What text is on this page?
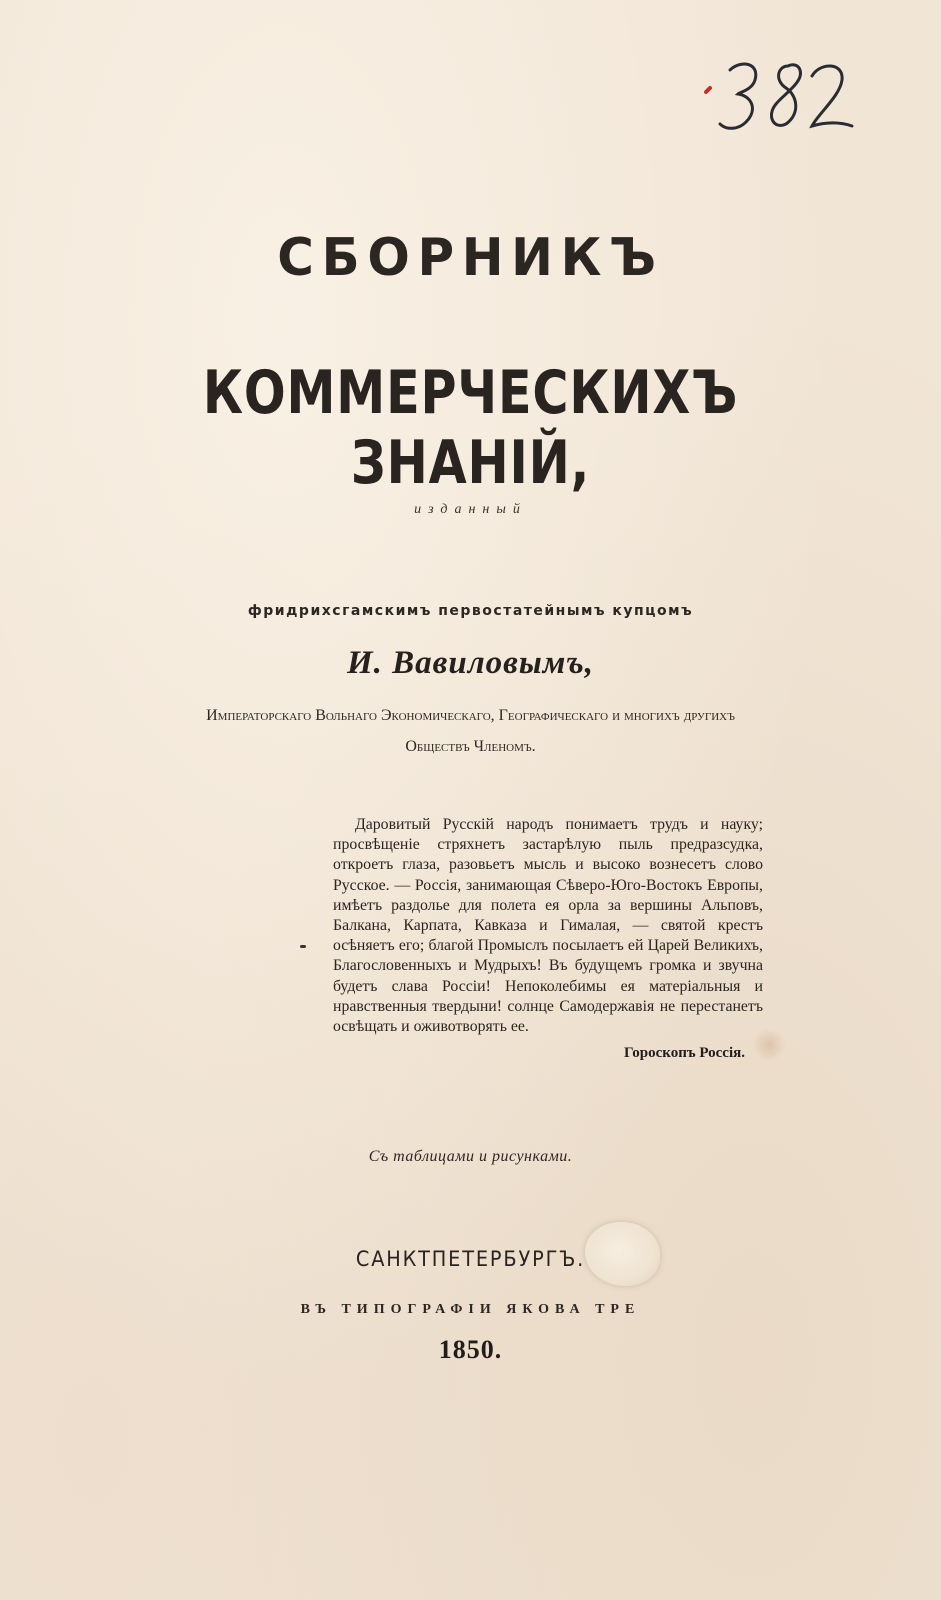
СБОРНИКЪ
КОММЕРЧЕСКИХЪ ЗНАНІЙ,
изданный
фридрихсгамскимъ первостатейнымъ купцомъ
И. Вавиловымъ,
Императорскаго Вольнаго Экономическаго, Географическаго и многихъ другихъ
Обществъ Членомъ.

Даровитый Русскій народъ понимаетъ трудъ и науку; просвѣщеніе стряхнетъ застарѣлую пыль предразсудка, откроетъ глаза, разовьетъ мысль и высоко вознесетъ слово Русское. — Россія, занимающая Сѣверо-Юго-Востокъ Европы, имѣетъ раздолье для полета ея орла за вершины Альповъ, Балкана, Карпата, Кавказа и Гималая, — святой крестъ осѣняетъ его; благой Промыслъ посылаетъ ей Царей Великихъ, Благословенныхъ и Мудрыхъ! Въ будущемъ громка и звучна будетъ слава Россіи! Непоколебимы ея матеріальныя и нравственныя твердыни! солнце Самодержавія не перестанетъ освѣщать и оживотворять ее.

Гороскопъ Россія.
Съ таблицами и рисунками.
САНКТПЕТЕРБУРГЪ.
ВЪ ТИПОГРАФІИ ЯКОВА ТРЕ
1850.
